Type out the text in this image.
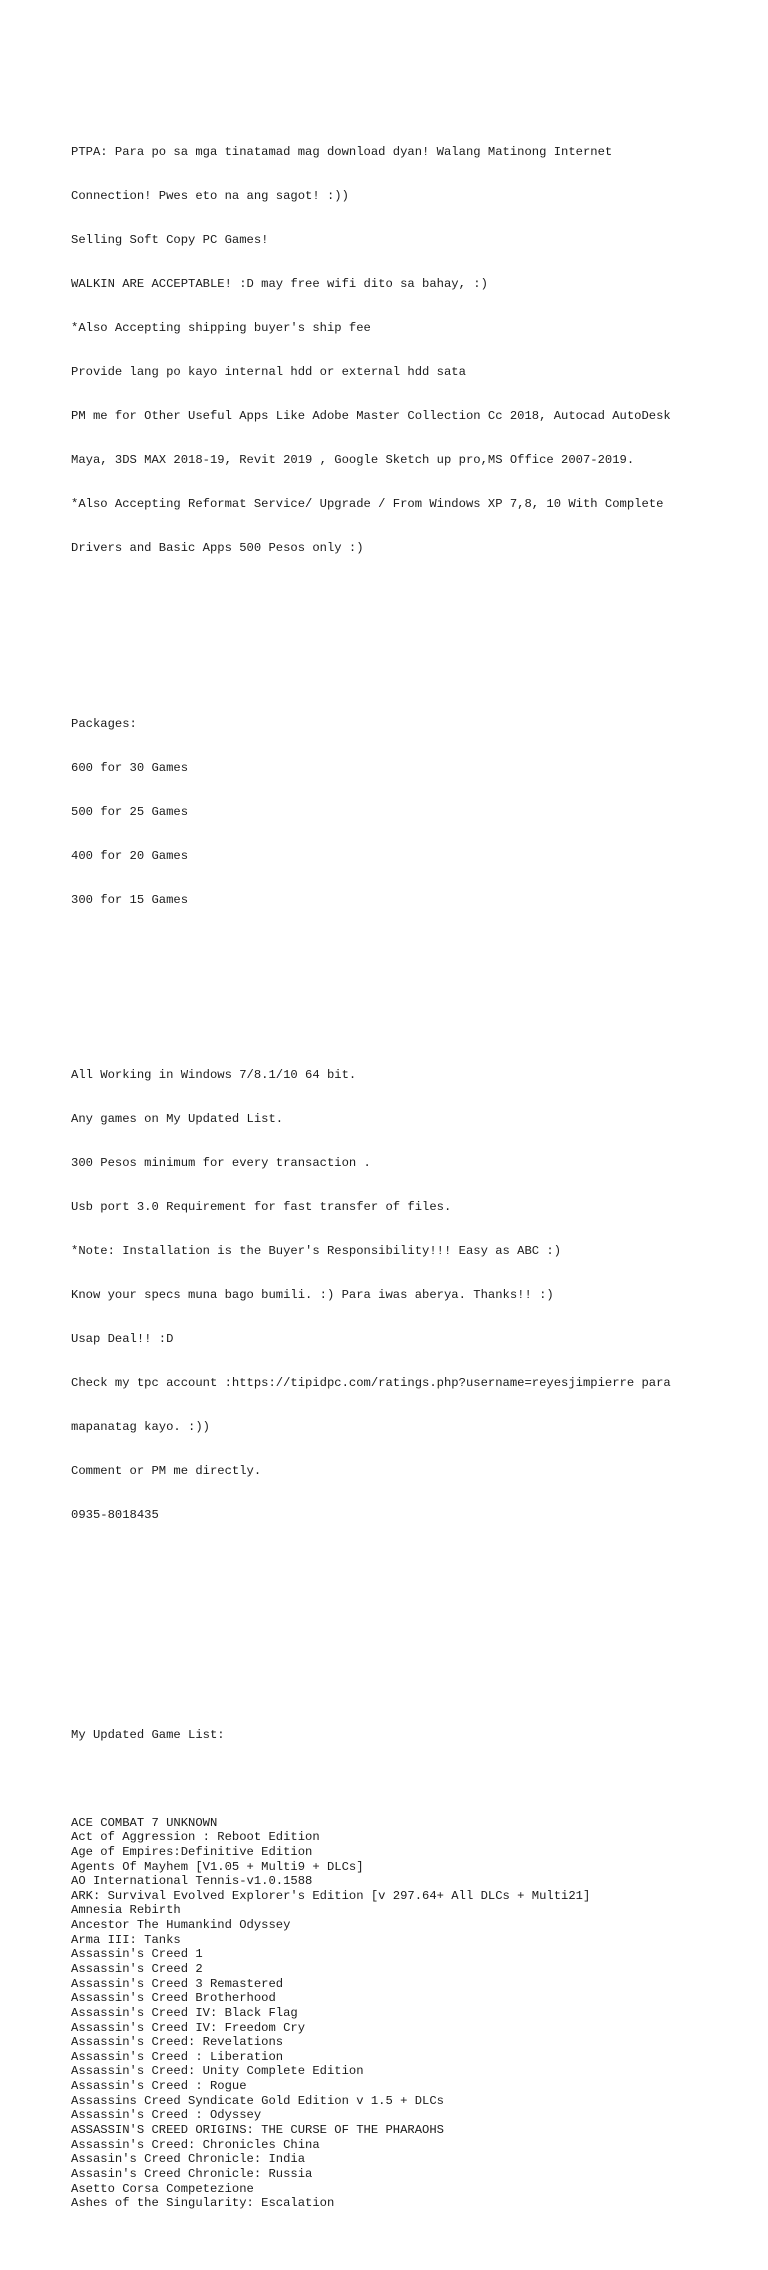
PTPA: Para po sa mga tinatamad mag download dyan! Walang Matinong Internet

Connection! Pwes eto na ang sagot! :))

Selling Soft Copy PC Games!

WALKIN ARE ACCEPTABLE! :D may free wifi dito sa bahay, :)

*Also Accepting shipping buyer's ship fee

Provide lang po kayo internal hdd or external hdd sata

PM me for Other Useful Apps Like Adobe Master Collection Cc 2018, Autocad AutoDesk

Maya, 3DS MAX 2018-19, Revit 2019 , Google Sketch up pro,MS Office 2007-2019.

*Also Accepting Reformat Service/ Upgrade / From Windows XP 7,8, 10 With Complete

Drivers and Basic Apps 500 Pesos only :)

Packages:

600 for 30 Games

500 for 25 Games

400 for 20 Games

300 for 15 Games

All Working in Windows 7/8.1/10 64 bit.

Any games on My Updated List.

300 Pesos minimum for every transaction .

Usb port 3.0 Requirement for fast transfer of files.

*Note: Installation is the Buyer's Responsibility!!! Easy as ABC :)

Know your specs muna bago bumili. :) Para iwas aberya. Thanks!! :)

Usap Deal!! :D

Check my tpc account :https://tipidpc.com/ratings.php?username=reyesjimpierre para

mapanatag kayo. :))

Comment or PM me directly.

0935-8018435

My Updated Game List:

ACE COMBAT 7 UNKNOWN
Act of Aggression : Reboot Edition
Age of Empires:Definitive Edition
Agents Of Mayhem [V1.05 + Multi9 + DLCs]
AO International Tennis-v1.0.1588
ARK: Survival Evolved Explorer's Edition [v 297.64+ All DLCs + Multi21]
Amnesia Rebirth
Ancestor The Humankind Odyssey
Arma III: Tanks
Assassin's Creed 1
Assassin's Creed 2
Assassin's Creed 3 Remastered
Assassin's Creed Brotherhood
Assassin's Creed IV: Black Flag
Assassin's Creed IV: Freedom Cry
Assassin's Creed: Revelations
Assassin's Creed : Liberation
Assassin's Creed: Unity Complete Edition
Assassin's Creed : Rogue
Assassins Creed Syndicate Gold Edition v 1.5 + DLCs
Assassin's Creed : Odyssey
ASSASSIN'S CREED ORIGINS: THE CURSE OF THE PHARAOHS
Assassin's Creed: Chronicles China
Assasin's Creed Chronicle: India
Assasin's Creed Chronicle: Russia
Asetto Corsa Competezione
Ashes of the Singularity: Escalation
